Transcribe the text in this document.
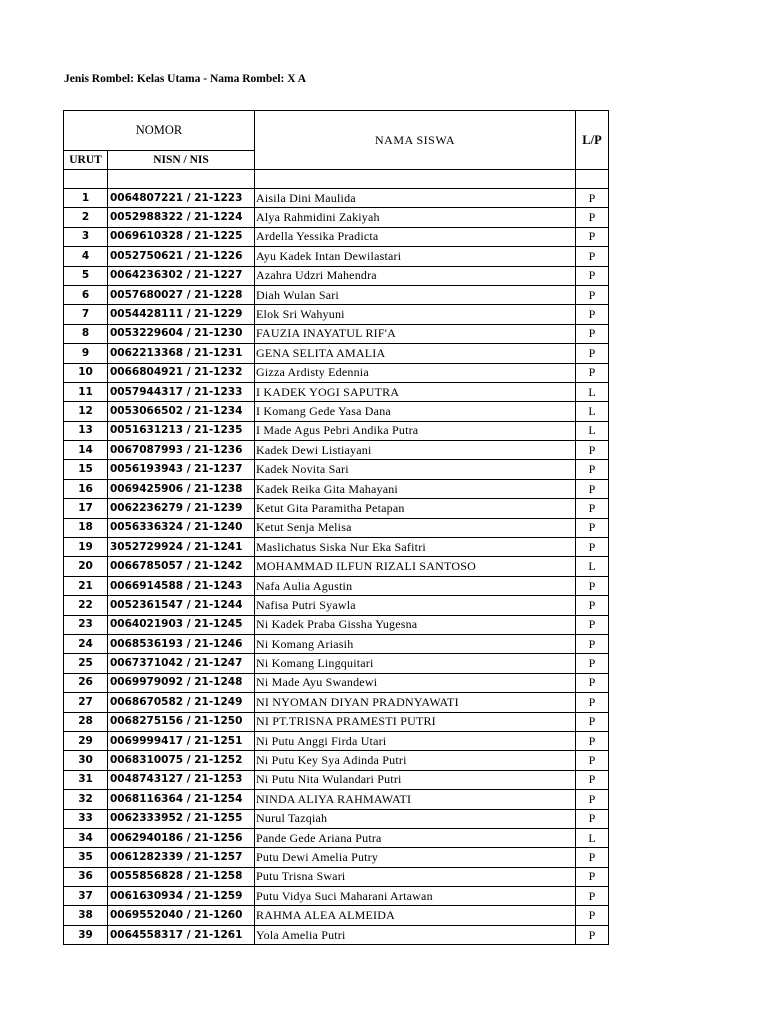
Jenis Rombel: Kelas Utama - Nama Rombel: X A
NOMOR		NAMA SISWA	L/P
URUT	NISN / NIS		

1	0064807221 / 21-1223	Aisila Dini Maulida	P
2	0052988322 / 21-1224	Alya Rahmidini Zakiyah	P
3	0069610328 / 21-1225	Ardella Yessika Pradicta	P
4	0052750621 / 21-1226	Ayu Kadek Intan Dewilastari	P
5	0064236302 / 21-1227	Azahra Udzri Mahendra	P
6	0057680027 / 21-1228	Diah Wulan Sari	P
7	0054428111 / 21-1229	Elok Sri Wahyuni	P
8	0053229604 / 21-1230	FAUZIA INAYATUL RIF'A	P
9	0062213368 / 21-1231	GENA SELITA AMALIA	P
10	0066804921 / 21-1232	Gizza Ardisty Edennia	P
11	0057944317 / 21-1233	I KADEK YOGI SAPUTRA	L
12	0053066502 / 21-1234	I Komang Gede Yasa Dana	L
13	0051631213 / 21-1235	I Made Agus Pebri Andika Putra	L
14	0067087993 / 21-1236	Kadek Dewi Listiayani	P
15	0056193943 / 21-1237	Kadek Novita Sari	P
16	0069425906 / 21-1238	Kadek Reika Gita Mahayani	P
17	0062236279 / 21-1239	Ketut Gita Paramitha Petapan	P
18	0056336324 / 21-1240	Ketut Senja Melisa	P
19	3052729924 / 21-1241	Maslichatus Siska Nur Eka Safitri	P
20	0066785057 / 21-1242	MOHAMMAD ILFUN RIZALI SANTOSO	L
21	0066914588 / 21-1243	Nafa Aulia Agustin	P
22	0052361547 / 21-1244	Nafisa Putri Syawla	P
23	0064021903 / 21-1245	Ni Kadek Praba Gissha Yugesna	P
24	0068536193 / 21-1246	Ni Komang Ariasih	P
25	0067371042 / 21-1247	Ni Komang Lingquitari	P
26	0069979092 / 21-1248	Ni Made Ayu Swandewi	P
27	0068670582 / 21-1249	NI NYOMAN DIYAN PRADNYAWATI	P
28	0068275156 / 21-1250	NI PT.TRISNA PRAMESTI PUTRI	P
29	0069999417 / 21-1251	Ni Putu Anggi Firda Utari	P
30	0068310075 / 21-1252	Ni Putu Key Sya Adinda Putri	P
31	0048743127 / 21-1253	Ni Putu Nita Wulandari Putri	P
32	0068116364 / 21-1254	NINDA ALIYA RAHMAWATI	P
33	0062333952 / 21-1255	Nurul Tazqiah	P
34	0062940186 / 21-1256	Pande Gede Ariana Putra	L
35	0061282339 / 21-1257	Putu Dewi Amelia Putry	P
36	0055856828 / 21-1258	Putu Trisna Swari	P
37	0061630934 / 21-1259	Putu Vidya Suci Maharani Artawan	P
38	0069552040 / 21-1260	RAHMA ALEA ALMEIDA	P
39	0064558317 / 21-1261	Yola Amelia Putri	P
